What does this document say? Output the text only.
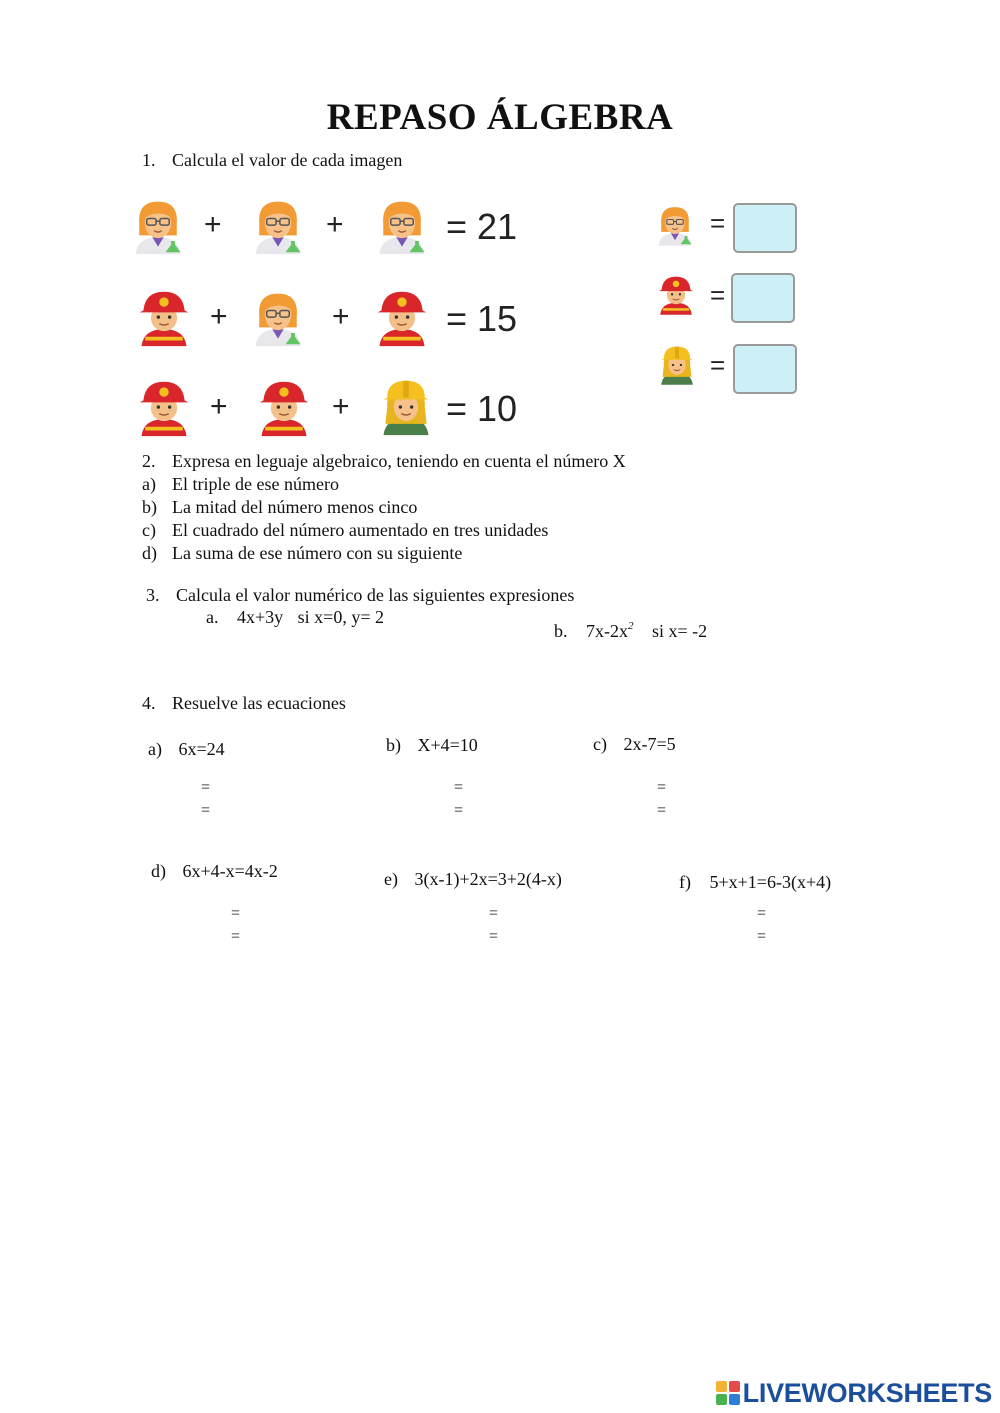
REPASO ÁLGEBRA
1. Calcula el valor de cada imagen
+	+	= 21
+	+	= 15
+	+	= 10
=
=
=
2. Expresa en leguaje algebraico, teniendo en cuenta el número X
a) El triple de ese número
b) La mitad del número menos cinco
c) El cuadrado del número aumentado en tres unidades
d) La suma de ese número con su siguiente
3. Calcula el valor numérico de las siguientes expresiones
a. 4x+3y si x=0, y= 2
b. $7x-2x^2$ si x= -2
4. Resuelve las ecuaciones
a) 6x=24	b) X+4=10	c) 2x-7=5
=
=
=
=
=
=
d) 6x+4-x=4x-2	e) 3(x-1)+2x=3+2(4-x)	f) 5+x+1=6-3(x+4)
=
=
=
=
=
=
LIVEWORKSHEETS
